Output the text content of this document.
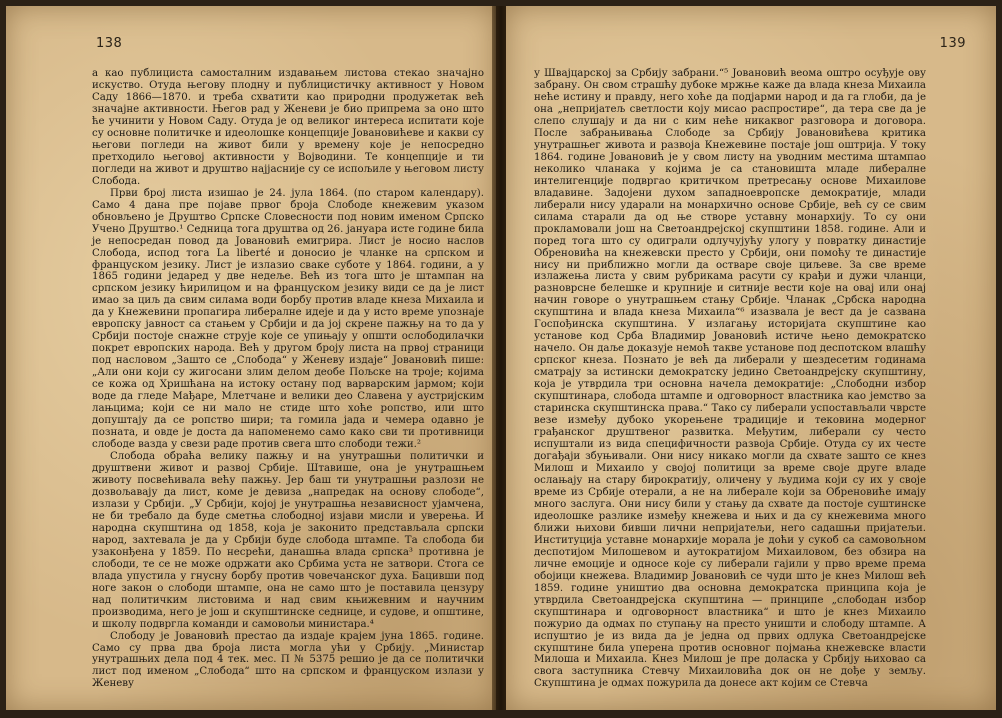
138

а као публициста самосталним издавањем листова стекао значајно искуство. Отуда његову плодну и публицистичку активност у Новом Саду 1866—1870. и треба схватити као природни продужетак већ значајне активности. Његов рад у Женеви је био припрема за оно што ће учинити у Новом Саду. Отуда је од великог интереса испитати које су основне политичке и идеолошке концепције Јовановићеве и какви су његови погледи на живот били у времену које је непосредно претходило његовој активности у Војводини. Те концепције и ти погледи на живот и друштво најјасније су се испољиле у његовом листу Слобода.

Први број листа изишао је 24. јула 1864. (по старом календару). Само 4 дана пре појаве првог броја Слободе кнежевим указом обновљено је Друштво Српске Словесности под новим именом Српско Учено Друштво.¹ Седница тога друштва од 26. јануара исте године била је непосредан повод да Јовановић емигрира. Лист је носио наслов Слобода, испод тога La liberté и доносио је чланке на српском и француском језику. Лист је излазио сваке суботе у 1864. години, а у 1865 години једаред у две недеље. Већ из тога што је штампан на српском језику ћирилицом и на француском језику види се да је лист имао за циљ да свим силама води борбу против владе кнеза Михаила и да у Кнежевини пропагира либералне идеје и да у исто време упознаје европску јавност са стањем у Србији и да јој скрене пажњу на то да у Србији постоје снажне струје које се упињају у општи ослободилачки покрет европских народа. Већ у другом броју листа на првој страници под насловом „Зашто се „Слобода“ у Женеву издаје“ Јовановић пише: „Али они који су жигосани злим делом деобе Пољске на троје; којима се кожа од Хришћана на истоку остану под варварским јармом; који воде да гледе Мађаре, Млетчане и велики део Славена у аустријским лањцима; који се ни мало не стиде што хоће ропство, или што допуштају да се ропство шири; та гомила јада и чемера одавно је позната, и овде је доста да напоменемо само како сви ти противници слободе вазда у свези раде против свега што слободи тежи.²

Слобода обраћа велику пажњу и на унутрашњи политички и друштвени живот и развој Србије. Штавише, она је унутрашњем животу посвећивала већу пажњу. Јер баш ти унутрашњи разлози не дозвољавају да лист, коме је девиза „напредак на основу слободе“, излази у Србији. „У Србији, којој је унутрашња независност ујамчена, не би требало да буде сметња слободној изјави мисли и уверења. И народна скупштина од 1858, која је законито представљала српски народ, захтевала је да у Србији буде слобода штампе. Та слобода би узаконђена у 1859. По несрећи, данашња влада српска³ противна је слободи, те се не може одржати ако Србима уста не затвори. Стога се влада упустила у гнусну борбу против човечанског духа. Бацивши под ноге закон о слободи штампе, она не само што је поставила цензуру над политичким листовима и над свим књижевним и научним производима, него је још и скупштинске седнице, и судове, и општине, и школу подвргла команди и самовољи министара.⁴

Слободу је Јовановић престао да издаје крајем јуна 1865. године. Само су прва два броја листа могла ући у Србију. „Министар унутрашњих дела под 4 тек. мес. П № 5375 решио је да се политички лист под именом „Слобода“ што на српском и француском излази у Женеву

139

у Швајцарској за Србију забрани.“⁵ Јовановић веома оштро осуђује ову забрану. Он свом страшћу дубоке мржње каже да влада кнеза Михаила неће истину и правду, него хоће да подјарми народ и да га глоби, да је она „непријатељ светлости коју мисао распростире“, да тера све да је слепо слушају и да ни с ким неће никаквог разговора и договора. После забрањивања Слободе за Србију Јовановићева критика унутрашњег живота и развоја Кнежевине постаје још оштрија. У току 1864. године Јовановић је у свом листу на уводним местима штампао неколико чланака у којима је са становишта младе либералне интелигенције подвргао критичком претресању основе Михаилове владавине. Задојени духом западноевропске демократије, млади либерали нису ударали на монархичнo основе Србије, већ су се свим силама старали да од ње створе уставну монархију. То су они прокламовали још на Светоандрејској скупштини 1858. године. Али и поред тога што су одиграли одлучујућу улогу у повратку династије Обреновића на кнежевски престо у Србији, они помоћу те династије нису ни приближно могли да остваре своје циљеве. За све време излажења листа у свим рубрикама расути су крађи и дужи чланци, разноврсне белешке и крупније и ситније вести које на овај или онај начин говоре о унутрашњем стању Србије. Чланак „Србска народна скупштина и влада кнеза Михаила“⁶ изазвала је вест да је сазвана Госпођинска скупштина. У излагању историјата скупштине као установе код Срба Владимир Јовановић истиче њено демократско начело. Он даље доказује немоћ такве установе под деспотском влашћу српског кнеза. Познато је већ да либерали у шездесетим годинама сматрају за истински демократску једино Светоандрејску скупштину, која је утврдила три основна начела демократије: „Слободни избор скупштинара, слобода штампе и одговорност властника као јемство за старинска скупштинска права.“ Тако су либерали успостављали чврсте везе између дубоко укорењене традиције и тековина модерног грађанског друштвеног развитка. Међутим, либерали су често испуштали из вида специфичности развоја Србије. Отуда су их честе догађаји збуњивали. Они нису никако могли да схвате зашто се кнез Милош и Михаило у својој политици за време своје друге владе ослањају на стару бирократију, оличену у људима који су их у своје време из Србије отерали, а не на либерале који за Обреновиће имају много заслуга. Они нису били у стању да схвате да постоје суштинске идеолошке разлике између кнежева и њих и да су кнежевима много ближи њихови бивши лични непријатељи, него садашњи пријатељи. Институција уставне монархије морала је доћи у сукоб са самовољном деспотијом Милошевом и аутократијом Михаиловом, без обзира на личне емоције и односе које су либерали гајили у прво време према обојици кнежева. Владимир Јовановић се чуди што је кнез Милош већ 1859. године уништио два основна демократска принципа која је утврдила Светоандрејска скупштина — принципе „слободан избор скупштинара и одговорност властника“ и што је кнез Михаило пожурио да одмах по ступању на престо уништи и слободу штампе. А испуштио је из вида да је једна од првих одлука Светоандрејске скупштине била уперена против основног појмања кнежевске власти Милоша и Михаила. Кнез Милош је пре доласка у Србију њиховао са свога заступника Стевчу Михаиловића док он не дође у земљу. Скупштина је одмах пожурила да донесе акт којим се Стевча
